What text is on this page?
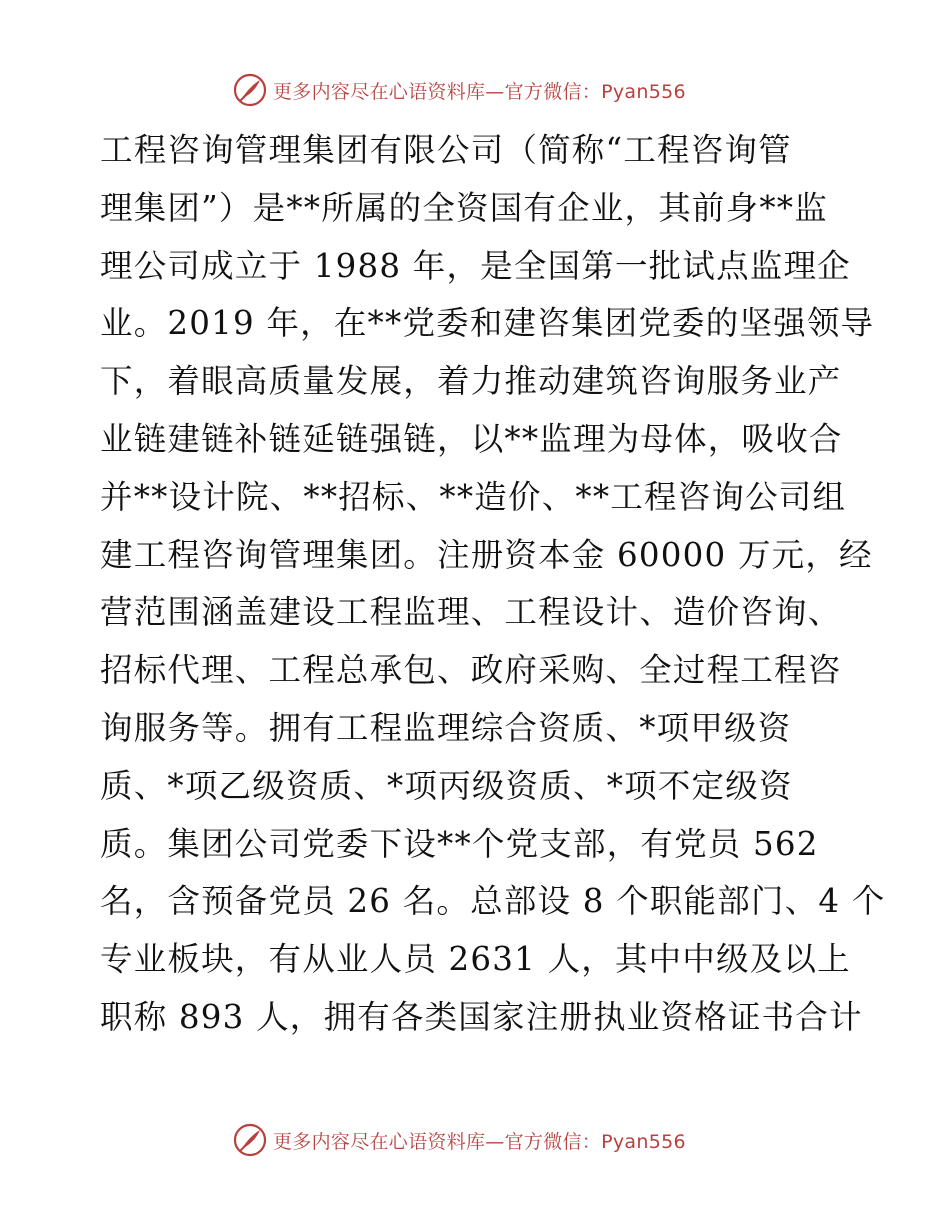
更多内容尽在心语资料库—官方微信：Pyan556
工程咨询管理集团有限公司（简称“工程咨询管
理集团”）是**所属的全资国有企业，其前身**监
理公司成立于 1988 年，是全国第一批试点监理企
业。2019 年，在**党委和建咨集团党委的坚强领导
下，着眼高质量发展，着力推动建筑咨询服务业产
业链建链补链延链强链，以**监理为母体，吸收合
并**设计院、**招标、**造价、**工程咨询公司组
建工程咨询管理集团。注册资本金 60000 万元，经
营范围涵盖建设工程监理、工程设计、造价咨询、
招标代理、工程总承包、政府采购、全过程工程咨
询服务等。拥有工程监理综合资质、*项甲级资
质、*项乙级资质、*项丙级资质、*项不定级资
质。集团公司党委下设**个党支部，有党员 562
名，含预备党员 26 名。总部设 8 个职能部门、4 个
专业板块，有从业人员 2631 人，其中中级及以上
职称 893 人，拥有各类国家注册执业资格证书合计
更多内容尽在心语资料库—官方微信：Pyan556
